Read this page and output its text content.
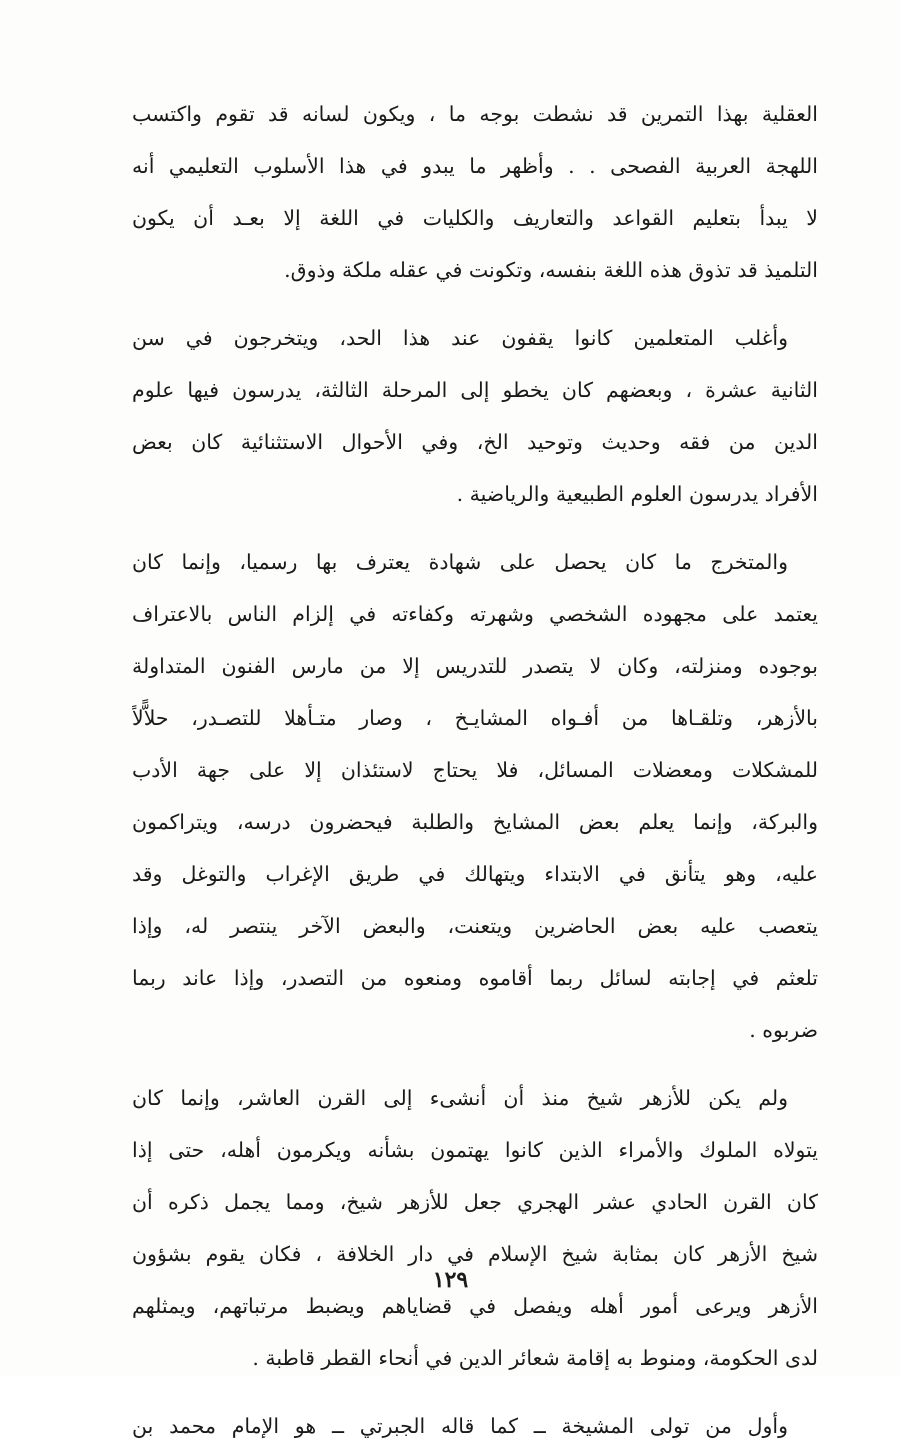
العقلية بهذا التمرين قد نشطت بوجه ما ، ويكون لسانه قد تقوم واكتسب
اللهجة العربية الفصحى . . وأظهر ما يبدو في هذا الأسلوب التعليمي أنه
لا يبدأ بتعليم القواعد والتعاريف والكليات في اللغة إلا بعـد أن يكون
التلميذ قد تذوق هذه اللغة بنفسه، وتكونت في عقله ملكة وذوق.
وأغلب المتعلمين كانوا يقفون عند هذا الحد، ويتخرجون في سن
الثانية عشرة ، وبعضهم كان يخطو إلى المرحلة الثالثة، يدرسون فيها علوم
الدين من فقه وحديث وتوحيد الخ، وفي الأحوال الاستثنائية كان بعض
الأفراد يدرسون العلوم الطبيعية والرياضية .
والمتخرج ما كان يحصل على شهادة يعترف بها رسميا، وإنما كان
يعتمد على مجهوده الشخصي وشهرته وكفاءته في إلزام الناس بالاعتراف
بوجوده ومنزلته، وكان لا يتصدر للتدريس إلا من مارس الفنون المتداولة
بالأزهر، وتلقـاها من أفـواه المشايـخ ، وصار متـأهلا للتصـدر، حلاًّلاً
للمشكلات ومعضلات المسائل، فلا يحتاج لاستئذان إلا على جهة الأدب
والبركة، وإنما يعلم بعض المشايخ والطلبة فيحضرون درسه، ويتراكمون
عليه، وهو يتأنق في الابتداء ويتهالك في طريق الإغراب والتوغل وقد
يتعصب عليه بعض الحاضرين ويتعنت، والبعض الآخر ينتصر له، وإذا
تلعثم في إجابته لسائل ربما أقاموه ومنعوه من التصدر، وإذا عاند ربما
ضربوه .
ولم يكن للأزهر شيخ منذ أن أنشىء إلى القرن العاشر، وإنما كان
يتولاه الملوك والأمراء الذين كانوا يهتمون بشأنه ويكرمون أهله، حتى إذا
كان القرن الحادي عشر الهجري جعل للأزهر شيخ، ومما يجمل ذكره أن
شيخ الأزهر كان بمثابة شيخ الإسلام في دار الخلافة ، فكان يقوم بشؤون
الأزهر ويرعى أمور أهله ويفصل في قضاياهم ويضبط مرتباتهم، ويمثلهم
لدى الحكومة، ومنوط به إقامة شعائر الدين في أنحاء القطر قاطبة .
وأول من تولى المشيخة ــ كما قاله الجبرتي ــ هو الإمام محمد بن
١٢٩
